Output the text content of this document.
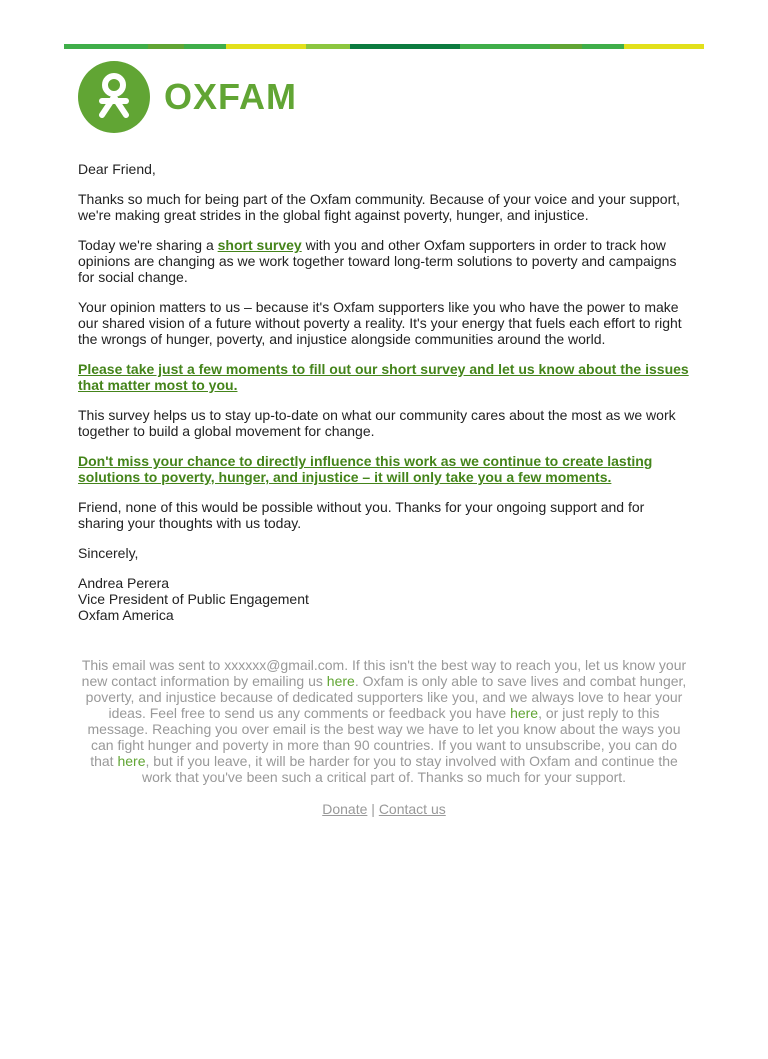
OXFAM

Dear Friend,

Thanks so much for being part of the Oxfam community. Because of your voice and your support, we're making great strides in the global fight against poverty, hunger, and injustice.

Today we're sharing a short survey with you and other Oxfam supporters in order to track how opinions are changing as we work together toward long-term solutions to poverty and campaigns for social change.

Your opinion matters to us – because it's Oxfam supporters like you who have the power to make our shared vision of a future without poverty a reality. It's your energy that fuels each effort to right the wrongs of hunger, poverty, and injustice alongside communities around the world.

Please take just a few moments to fill out our short survey and let us know about the issues that matter most to you.

This survey helps us to stay up-to-date on what our community cares about the most as we work together to build a global movement for change.

Don't miss your chance to directly influence this work as we continue to create lasting solutions to poverty, hunger, and injustice – it will only take you a few moments.

Friend, none of this would be possible without you. Thanks for your ongoing support and for sharing your thoughts with us today.

Sincerely,

Andrea Perera

Vice President of Public Engagement

Oxfam America

This email was sent to xxxxxx@gmail.com. If this isn't the best way to reach you, let us know your new contact information by emailing us here. Oxfam is only able to save lives and combat hunger, poverty, and injustice because of dedicated supporters like you, and we always love to hear your ideas. Feel free to send us any comments or feedback you have here, or just reply to this message. Reaching you over email is the best way we have to let you know about the ways you can fight hunger and poverty in more than 90 countries. If you want to unsubscribe, you can do that here, but if you leave, it will be harder for you to stay involved with Oxfam and continue the work that you've been such a critical part of. Thanks so much for your support.
Donate | Contact us
